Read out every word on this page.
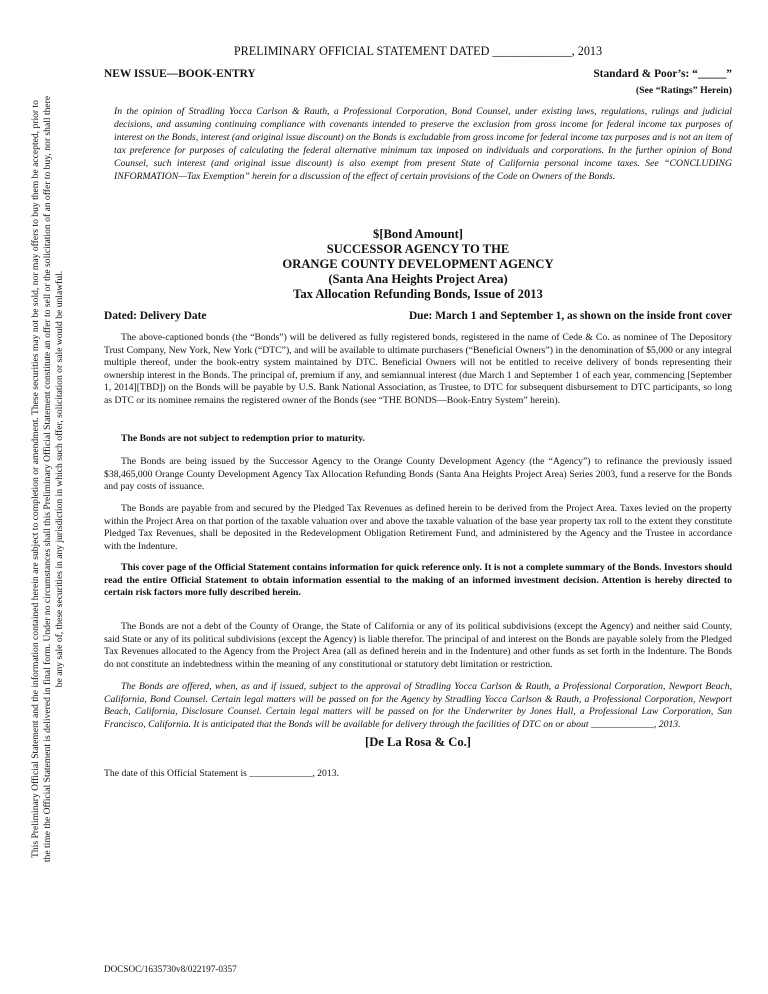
This Preliminary Official Statement and the information contained herein are subject to completion or amendment. These securities may not be sold, nor may offers to buy them be accepted, prior to the time the Official Statement is delivered in final form. Under no circumstances shall this Preliminary Official Statement constitute an offer to sell or the solicitation of an offer to buy, nor shall there be any sale of, these securities in any jurisdiction in which such offer, solicitation or sale would be unlawful.
PRELIMINARY OFFICIAL STATEMENT DATED _____________, 2013
NEW ISSUE—BOOK-ENTRY	Standard & Poor’s: “_____”
(See “Ratings” Herein)

In the opinion of Stradling Yocca Carlson & Rauth, a Professional Corporation, Bond Counsel, under existing laws, regulations, rulings and judicial decisions, and assuming continuing compliance with covenants intended to preserve the exclusion from gross income for federal income tax purposes of interest on the Bonds, interest (and original issue discount) on the Bonds is excludable from gross income for federal income tax purposes and is not an item of tax preference for purposes of calculating the federal alternative minimum tax imposed on individuals and corporations. In the further opinion of Bond Counsel, such interest (and original issue discount) is also exempt from present State of California personal income taxes. See “CONCLUDING INFORMATION—Tax Exemption” herein for a discussion of the effect of certain provisions of the Code on Owners of the Bonds.

$[Bond Amount]
SUCCESSOR AGENCY TO THE
ORANGE COUNTY DEVELOPMENT AGENCY
(Santa Ana Heights Project Area)
Tax Allocation Refunding Bonds, Issue of 2013
Dated: Delivery Date	Due: March 1 and September 1, as shown on the inside front cover

The above-captioned bonds (the “Bonds”) will be delivered as fully registered bonds, registered in the name of Cede & Co. as nominee of The Depository Trust Company, New York, New York (“DTC”), and will be available to ultimate purchasers (“Beneficial Owners”) in the denomination of $5,000 or any integral multiple thereof, under the book-entry system maintained by DTC. Beneficial Owners will not be entitled to receive delivery of bonds representing their ownership interest in the Bonds. The principal of, premium if any, and semiannual interest (due March 1 and September 1 of each year, commencing [September 1, 2014][TBD]) on the Bonds will be payable by U.S. Bank National Association, as Trustee, to DTC for subsequent disbursement to DTC participants, so long as DTC or its nominee remains the registered owner of the Bonds (see “THE BONDS—Book-Entry System” herein).

The Bonds are not subject to redemption prior to maturity.

The Bonds are being issued by the Successor Agency to the Orange County Development Agency (the “Agency”) to refinance the previously issued $38,465,000 Orange County Development Agency Tax Allocation Refunding Bonds (Santa Ana Heights Project Area) Series 2003, fund a reserve for the Bonds and pay costs of issuance.

The Bonds are payable from and secured by the Pledged Tax Revenues as defined herein to be derived from the Project Area. Taxes levied on the property within the Project Area on that portion of the taxable valuation over and above the taxable valuation of the base year property tax roll to the extent they constitute Pledged Tax Revenues, shall be deposited in the Redevelopment Obligation Retirement Fund, and administered by the Agency and the Trustee in accordance with the Indenture.

This cover page of the Official Statement contains information for quick reference only. It is not a complete summary of the Bonds. Investors should read the entire Official Statement to obtain information essential to the making of an informed investment decision. Attention is hereby directed to certain risk factors more fully described herein.

The Bonds are not a debt of the County of Orange, the State of California or any of its political subdivisions (except the Agency) and neither said County, said State or any of its political subdivisions (except the Agency) is liable therefor. The principal of and interest on the Bonds are payable solely from the Pledged Tax Revenues allocated to the Agency from the Project Area (all as defined herein and in the Indenture) and other funds as set forth in the Indenture. The Bonds do not constitute an indebtedness within the meaning of any constitutional or statutory debt limitation or restriction.

The Bonds are offered, when, as and if issued, subject to the approval of Stradling Yocca Carlson & Rauth, a Professional Corporation, Newport Beach, California, Bond Counsel. Certain legal matters will be passed on for the Agency by Stradling Yocca Carlson & Rauth, a Professional Corporation, Newport Beach, California, Disclosure Counsel. Certain legal matters will be passed on for the Underwriter by Jones Hall, a Professional Law Corporation, San Francisco, California. It is anticipated that the Bonds will be available for delivery through the facilities of DTC on or about _____________, 2013.

[De La Rosa & Co.]
The date of this Official Statement is _____________, 2013.
DOCSOC/1635730v8/022197-0357
